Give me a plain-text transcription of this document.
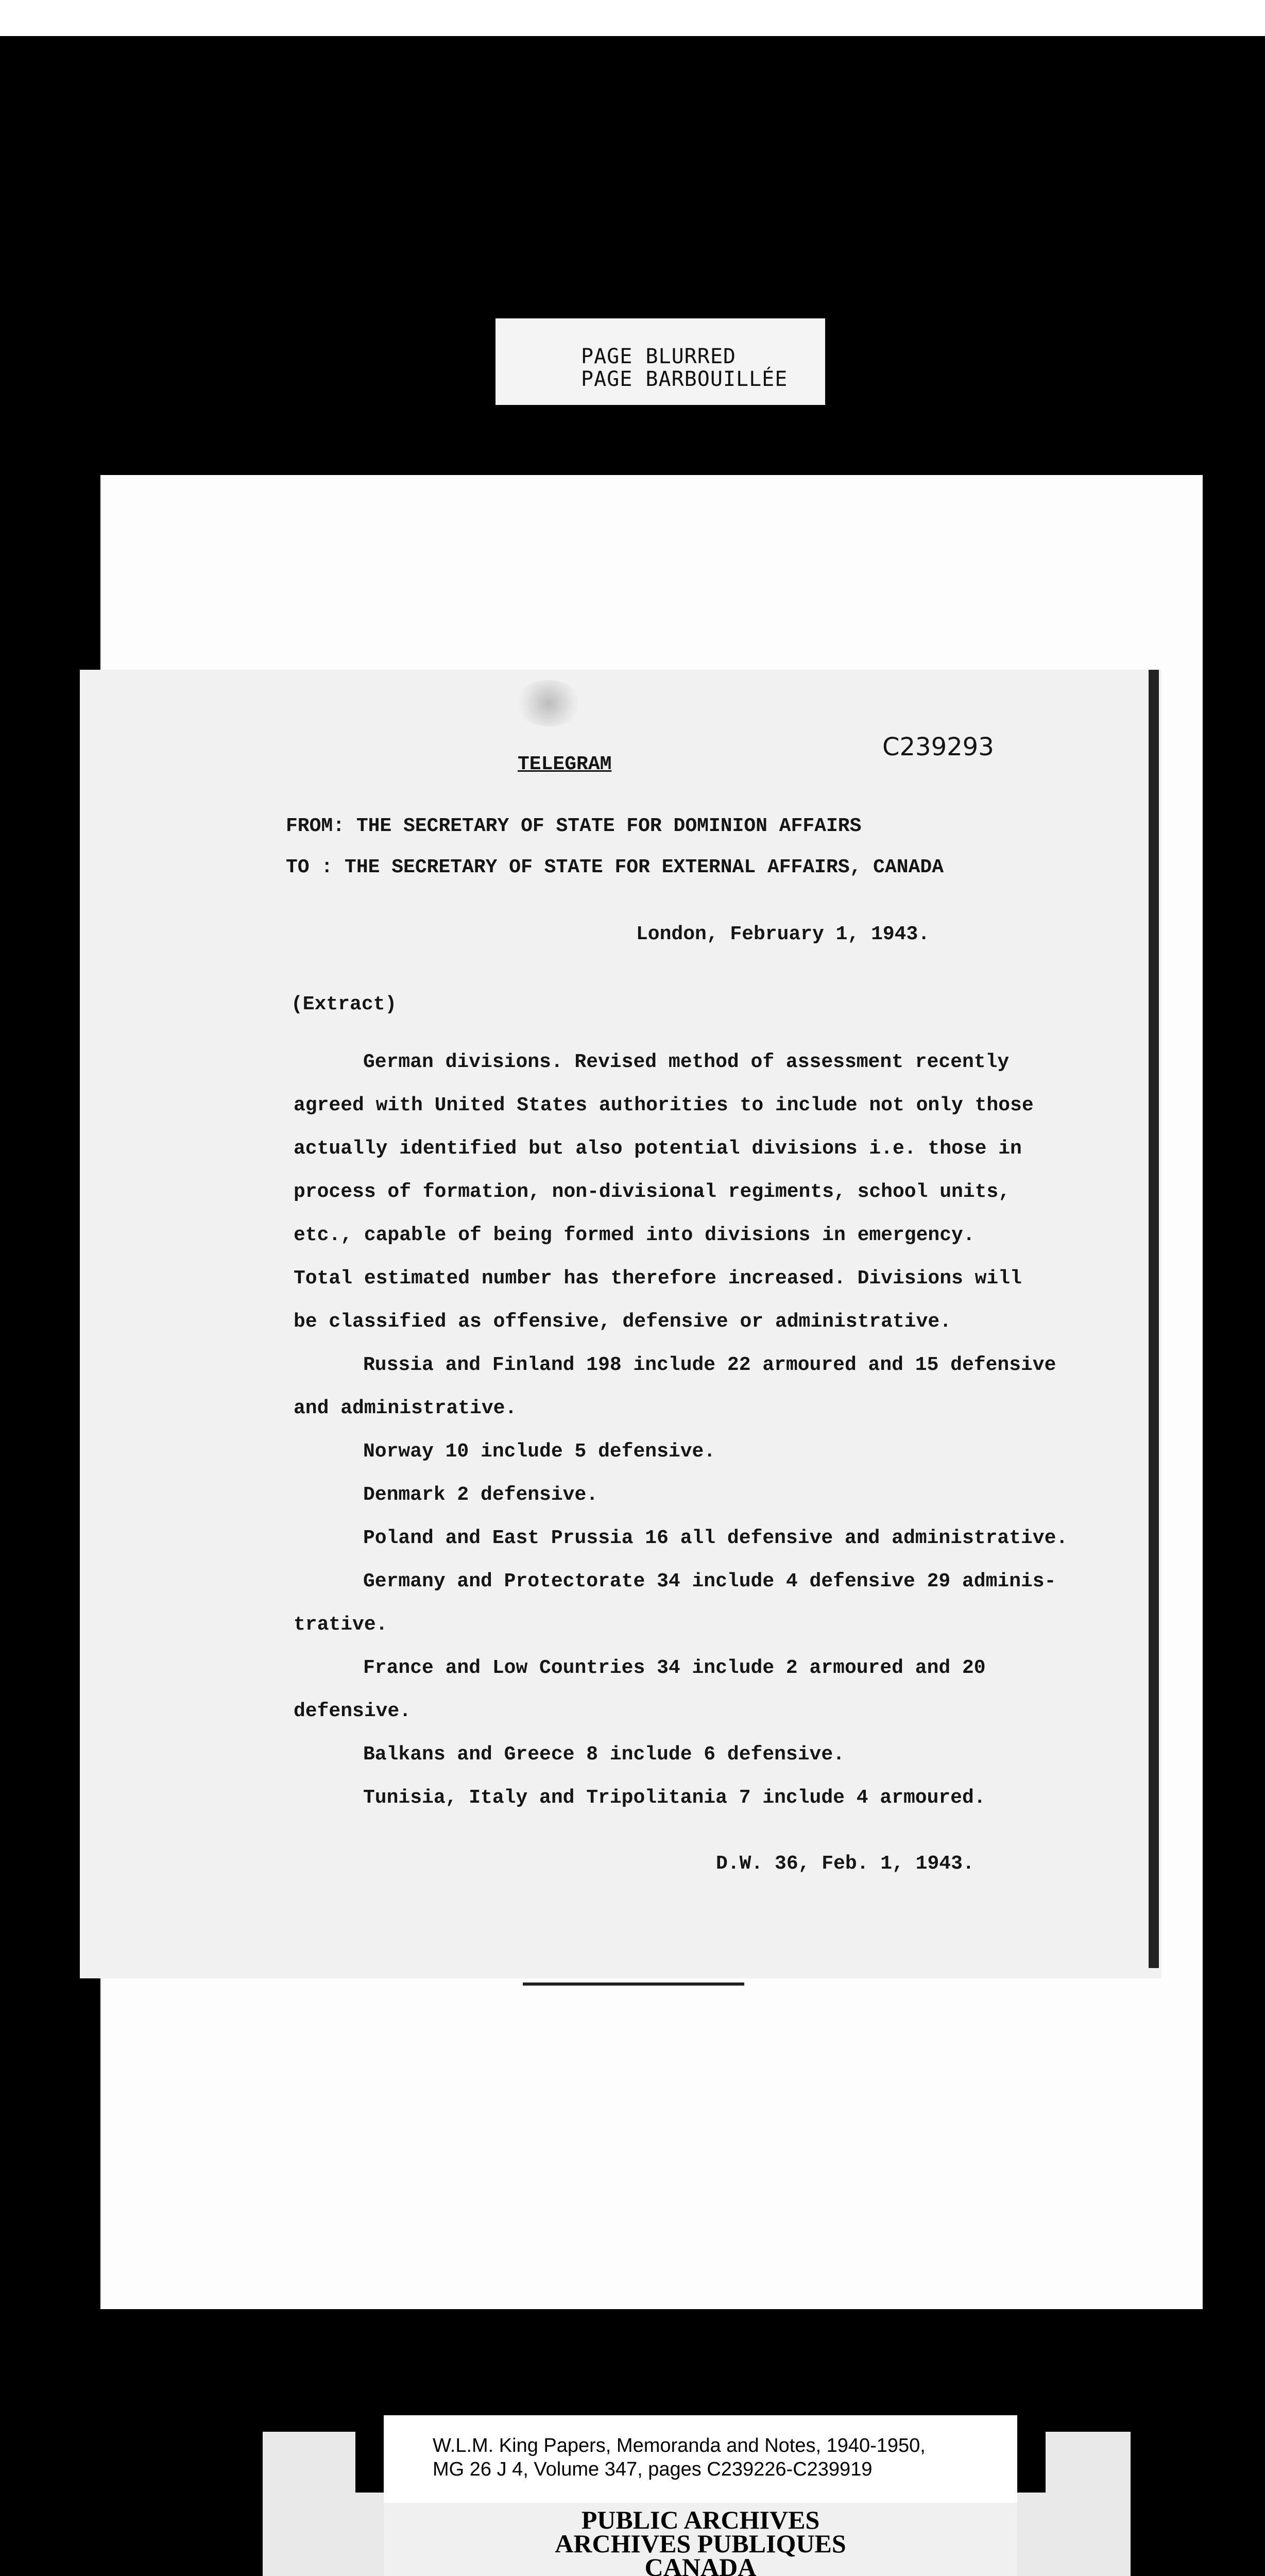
PAGE BLURRED
PAGE BARBOUILLÉE
TELEGRAM
C239293
FROM: THE SECRETARY OF STATE FOR DOMINION AFFAIRS
TO : THE SECRETARY OF STATE FOR EXTERNAL AFFAIRS, CANADA
London, February 1, 1943.
(Extract)
German divisions. Revised method of assessment recently
agreed with United States authorities to include not only those
actually identified but also potential divisions i.e. those in
process of formation, non-divisional regiments, school units,
etc., capable of being formed into divisions in emergency.
Total estimated number has therefore increased. Divisions will
be classified as offensive, defensive or administrative.
Russia and Finland 198 include 22 armoured and 15 defensive
and administrative.
Norway 10 include 5 defensive.
Denmark 2 defensive.
Poland and East Prussia 16 all defensive and administrative.
Germany and Protectorate 34 include 4 defensive 29 adminis-
trative.
France and Low Countries 34 include 2 armoured and 20
defensive.
Balkans and Greece 8 include 6 defensive.
Tunisia, Italy and Tripolitania 7 include 4 armoured.
D.W. 36, Feb. 1, 1943.
W.L.M. King Papers, Memoranda and Notes, 1940-1950,
MG 26 J 4, Volume 347, pages C239226-C239919
PUBLIC ARCHIVES
ARCHIVES PUBLIQUES
CANADA
